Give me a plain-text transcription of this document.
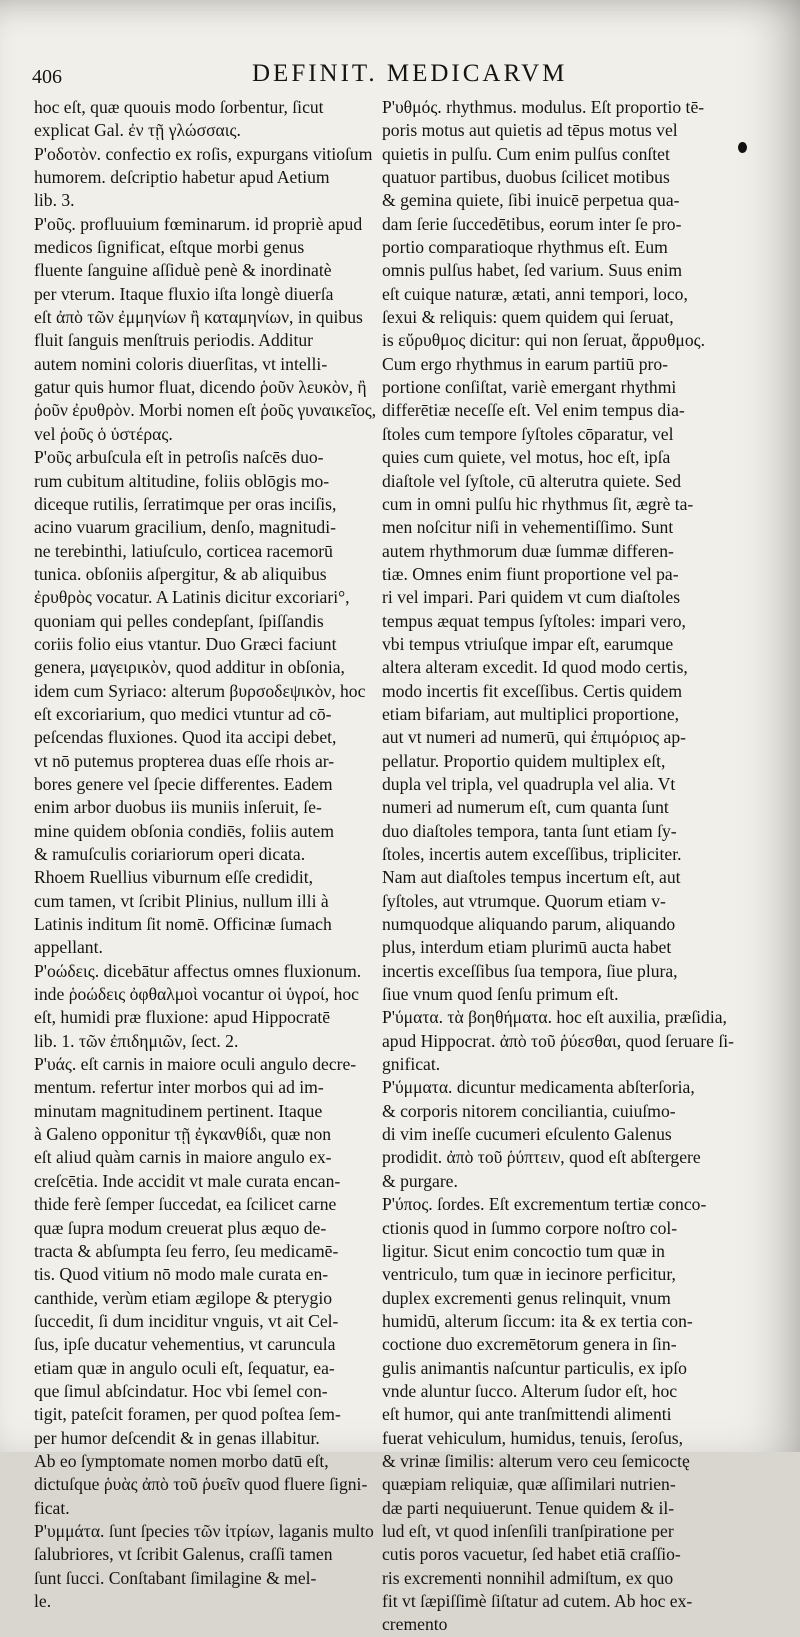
406	DEFINIT. MEDICARVM
hoc eſt, quæ quouis modo ſorbentur, ſicut
explicat Gal. ἐν τῇ γλώσσαις.
Ρ'οδοτὸν. confectio ex roſis, expurgans vitioſum
humorem. deſcriptio habetur apud Aetium
lib. 3.
Ρ'οῦς. profluuium fœminarum. id propriè apud
medicos ſignificat, eſtque morbi genus
fluente ſanguine aſſiduè penè & inordinatè
per vterum. Itaque fluxio iſta longè diuerſa
eſt ἀπὸ τῶν ἐμμηνίων ἢ καταμηνίων, in quibus
fluit ſanguis menſtruis periodis. Additur
autem nomini coloris diuerſitas, vt intelli-
gatur quis humor fluat, dicendo ῥοῦν λευκὸν, ἢ
ῥοῦν ἐρυθρὸν. Morbi nomen eſt ῥοῦς γυναικεῖος,
vel ῥοῦς ὁ ὑστέρας.
Ρ'οῦς arbuſcula eſt in petroſis naſcēs duo-
rum cubitum altitudine, foliis oblōgis mo-
diceque rutilis, ſerratimque per oras inciſis,
acino vuarum gracilium, denſo, magnitudi-
ne terebinthi, latiuſculo, corticea racemorū
tunica. obſoniis aſpergitur, & ab aliquibus
ἐρυθρὸς vocatur. A Latinis dicitur excoriari°,
quoniam qui pelles condepſant, ſpiſſandis
coriis folio eius vtantur. Duo Græci faciunt
genera, μαγειρικὸν, quod additur in obſonia,
idem cum Syriaco: alterum βυρσοδεψικὸν, hoc
eſt excoriarium, quo medici vtuntur ad cō-
peſcendas fluxiones. Quod ita accipi debet,
vt nō putemus propterea duas eſſe rhois ar-
bores genere vel ſpecie differentes. Eadem
enim arbor duobus iis muniis inſeruit, ſe-
mine quidem obſonia condiēs, foliis autem
& ramuſculis coriariorum operi dicata.
Rhoem Ruellius viburnum eſſe credidit,
cum tamen, vt ſcribit Plinius, nullum illi à
Latinis inditum ſit nomē. Officinæ ſumach
appellant.
Ρ'οώδεις. dicebātur affectus omnes fluxionum.
inde ῥοώδεις ὀφθαλμοὶ vocantur οἱ ὑγροί, hoc
eſt, humidi præ fluxione: apud Hippocratē
lib. 1. τῶν ἐπιδημιῶν, ſect. 2.
Ρ'υάς. eſt carnis in maiore oculi angulo decre-
mentum. refertur inter morbos qui ad im-
minutam magnitudinem pertinent. Itaque
à Galeno opponitur τῇ ἐγκανθίδι, quæ non
eſt aliud quàm carnis in maiore angulo ex-
creſcētia. Inde accidit vt male curata encan-
thide ferè ſemper ſuccedat, ea ſcilicet carne
quæ ſupra modum creuerat plus æquo de-
tracta & abſumpta ſeu ferro, ſeu medicamē-
tis. Quod vitium nō modo male curata en-
canthide, verùm etiam ægilope & pterygio
ſuccedit, ſi dum inciditur vnguis, vt ait Cel-
ſus, ipſe ducatur vehementius, vt caruncula
etiam quæ in angulo oculi eſt, ſequatur, ea-
que ſimul abſcindatur. Hoc vbi ſemel con-
tigit, pateſcit foramen, per quod poſtea ſem-
per humor deſcendit & in genas illabitur.
Ab eo ſymptomate nomen morbo datū eſt,
dictuſque ῥυὰς ἀπὸ τοῦ ῥυεῖν quod fluere ſigni-
ficat.
Ρ'υμμάτα. ſunt ſpecies τῶν ἰτρίων, laganis multo
ſalubriores, vt ſcribit Galenus, craſſi tamen
ſunt ſucci. Conſtabant ſimilagine & mel-
le.
Ρ'υθμός. rhythmus. modulus. Eſt proportio tē-
poris motus aut quietis ad tēpus motus vel
quietis in pulſu. Cum enim pulſus conſtet
quatuor partibus, duobus ſcilicet motibus
& gemina quiete, ſibi inuicē perpetua qua-
dam ſerie ſuccedētibus, eorum inter ſe pro-
portio comparatioque rhythmus eſt. Eum
omnis pulſus habet, ſed varium. Suus enim
eſt cuique naturæ, ætati, anni tempori, loco,
ſexui & reliquis: quem quidem qui ſeruat,
is εὔρυθμος dicitur: qui non ſeruat, ἄρρυθμος.
Cum ergo rhythmus in earum partiū pro-
portione conſiſtat, variè emergant rhythmi
differētiæ neceſſe eſt. Vel enim tempus dia-
ſtoles cum tempore ſyſtoles cōparatur, vel
quies cum quiete, vel motus, hoc eſt, ipſa
diaſtole vel ſyſtole, cū alterutra quiete. Sed
cum in omni pulſu hic rhythmus ſit, ægrè ta-
men noſcitur niſi in vehementiſſimo. Sunt
autem rhythmorum duæ ſummæ differen-
tiæ. Omnes enim fiunt proportione vel pa-
ri vel impari. Pari quidem vt cum diaſtoles
tempus æquat tempus ſyſtoles: impari vero,
vbi tempus vtriuſque impar eſt, earumque
altera alteram excedit. Id quod modo certis,
modo incertis fit exceſſibus. Certis quidem
etiam bifariam, aut multiplici proportione,
aut vt numeri ad numerū, qui ἐπιμόριος ap-
pellatur. Proportio quidem multiplex eſt,
dupla vel tripla, vel quadrupla vel alia. Vt
numeri ad numerum eſt, cum quanta ſunt
duo diaſtoles tempora, tanta ſunt etiam ſy-
ſtoles, incertis autem exceſſibus, tripliciter.
Nam aut diaſtoles tempus incertum eſt, aut
ſyſtoles, aut vtrumque. Quorum etiam v-
numquodque aliquando parum, aliquando
plus, interdum etiam plurimū aucta habet
incertis exceſſibus ſua tempora, ſiue plura,
ſiue vnum quod ſenſu primum eſt.
Ρ'ύματα. τὰ βοηθήματα. hoc eſt auxilia, præſidia,
apud Hippocrat. ἀπὸ τοῦ ῥύεσθαι, quod ſeruare ſi-
gnificat.
Ρ'ύμματα. dicuntur medicamenta abſterſoria,
& corporis nitorem conciliantia, cuiuſmo-
di vim ineſſe cucumeri eſculento Galenus
prodidit. ἀπὸ τοῦ ῥύπτειν, quod eſt abſtergere
& purgare.
Ρ'ύπος. ſordes. Eſt excrementum tertiæ conco-
ctionis quod in ſummo corpore noſtro col-
ligitur. Sicut enim concoctio tum quæ in
ventriculo, tum quæ in iecinore perficitur,
duplex excrementi genus relinquit, vnum
humidū, alterum ſiccum: ita & ex tertia con-
coctione duo excremētorum genera in ſin-
gulis animantis naſcuntur particulis, ex ipſo
vnde aluntur ſucco. Alterum ſudor eſt, hoc
eſt humor, qui ante tranſmittendi alimenti
fuerat vehiculum, humidus, tenuis, ſeroſus,
& vrinæ ſimilis: alterum vero ceu ſemicoctę
quæpiam reliquiæ, quæ aſſimilari nutrien-
dæ parti nequiuerunt. Tenue quidem & il-
lud eſt, vt quod inſenſili tranſpiratione per
cutis poros vacuetur, ſed habet etiā craſſio-
ris excrementi nonnihil admiſtum, ex quo
fit vt ſæpiſſimè ſiſtatur ad cutem. Ab hoc ex-
cremento
